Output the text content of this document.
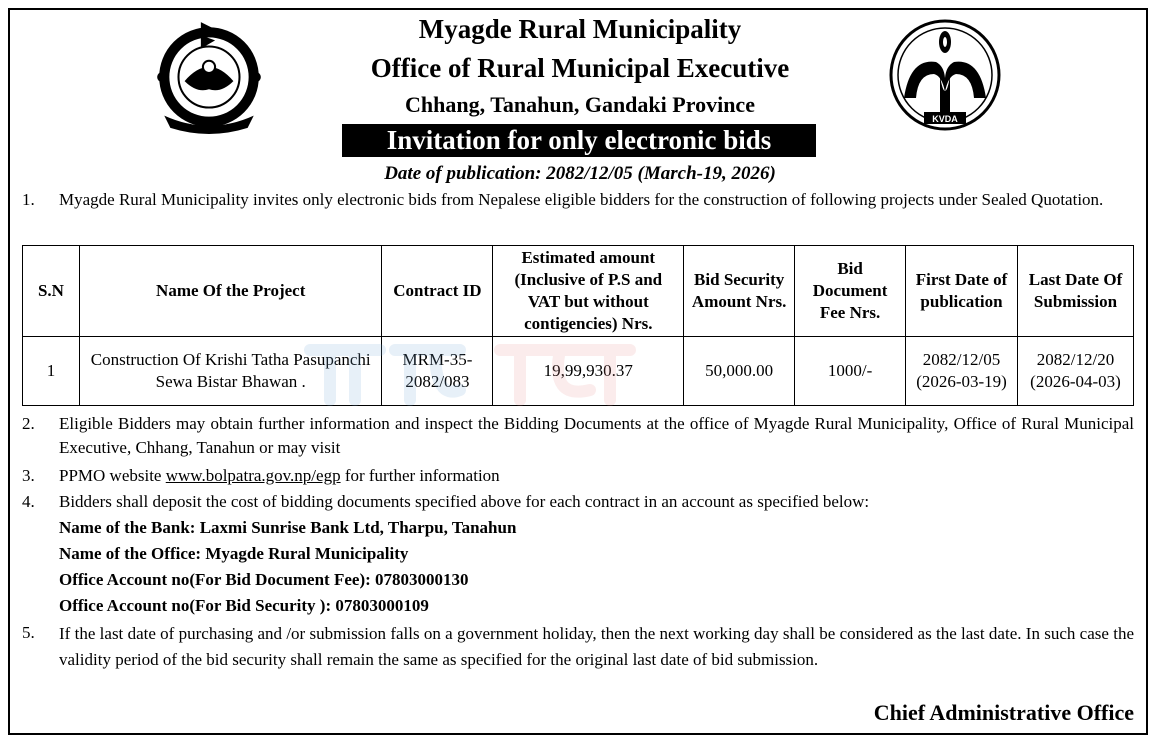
KVDA
Myagde Rural Municipality
Office of Rural Municipal Executive
Chhang, Tanahun, Gandaki Province
Invitation for only electronic bids
Date of publication: 2082/12/05 (March-19, 2026)
1. Myagde Rural Municipality invites only electronic bids from Nepalese eligible bidders for the construction of following projects under Sealed Quotation.
S.N	Name Of the Project	Contract ID	Estimated amount (Inclusive of P.S and VAT but without contigencies) Nrs.	Bid Security Amount Nrs.	Bid Document Fee Nrs.	First Date of publication	Last Date Of Submission
1	Construction Of Krishi Tatha Pasupanchi Sewa Bistar Bhawan .	MRM-35-2082/083	19,99,930.37	50,000.00	1000/-	2082/12/05 (2026-03-19)	2082/12/20 (2026-04-03)
2. Eligible Bidders may obtain further information and inspect the Bidding Documents at the office of Myagde Rural Municipality, Office of Rural Municipal Executive, Chhang, Tanahun or may visit
3. PPMO website www.bolpatra.gov.np/egp for further information
4. Bidders shall deposit the cost of bidding documents specified above for each contract in an account as specified below:
Name of the Bank: Laxmi Sunrise Bank Ltd, Tharpu, Tanahun
Name of the Office: Myagde Rural Municipality
Office Account no(For Bid Document Fee): 07803000130
Office Account no(For Bid Security ): 07803000109
5. If the last date of purchasing and /or submission falls on a government holiday, then the next working day shall be considered as the last date. In such case the validity period of the bid security shall remain the same as specified for the original last date of bid submission.
Chief Administrative Office
